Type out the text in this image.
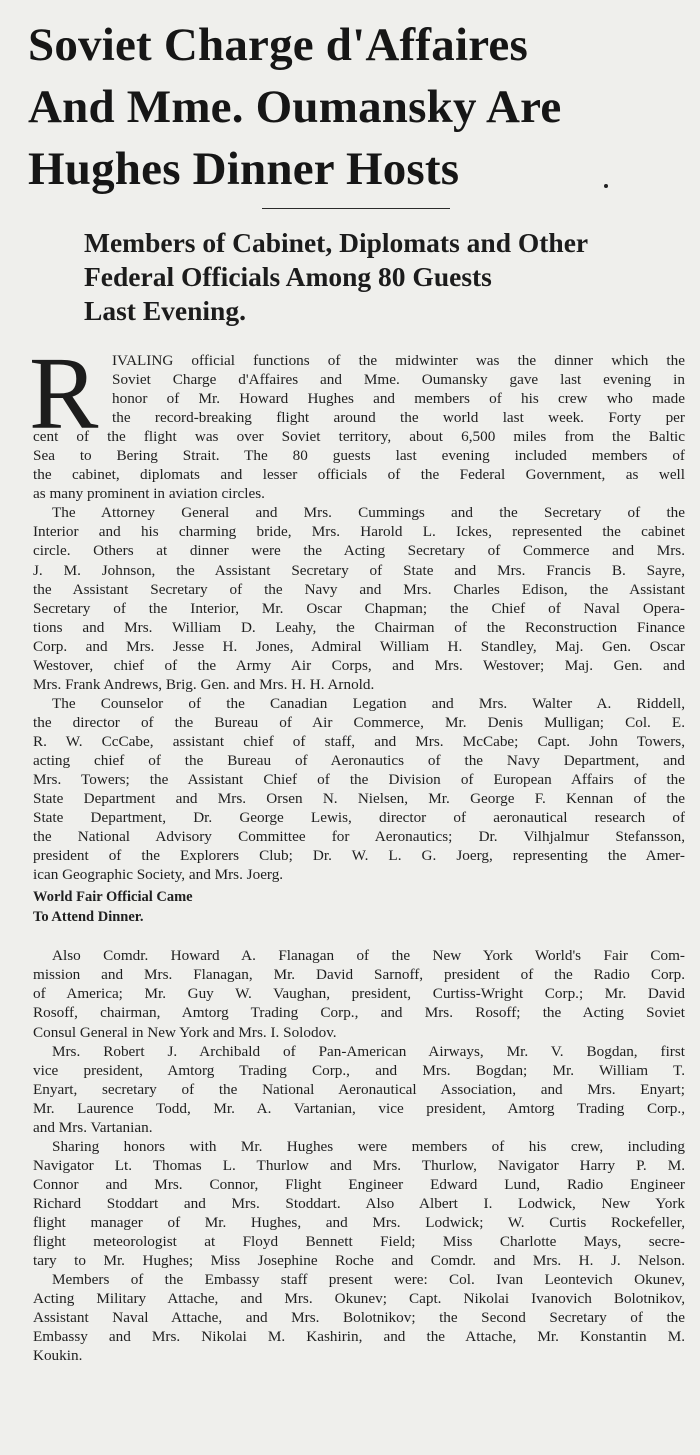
Soviet Charge d'Affaires
And Mme. Oumansky Are
Hughes Dinner Hosts
Members of Cabinet, Diplomats and Other
Federal Officials Among 80 Guests
Last Evening.
R IVALING official functions of the midwinter was the dinner which the
Soviet Charge d'Affaires and Mme. Oumansky gave last evening in
honor of Mr. Howard Hughes and members of his crew who made
the record-breaking flight around the world last week. Forty per
cent of the flight was over Soviet territory, about 6,500 miles from the Baltic
Sea to Bering Strait. The 80 guests last evening included members of
the cabinet, diplomats and lesser officials of the Federal Government, as well
as many prominent in aviation circles.
The Attorney General and Mrs. Cummings and the Secretary of the
Interior and his charming bride, Mrs. Harold L. Ickes, represented the cabinet
circle. Others at dinner were the Acting Secretary of Commerce and Mrs.
J. M. Johnson, the Assistant Secretary of State and Mrs. Francis B. Sayre,
the Assistant Secretary of the Navy and Mrs. Charles Edison, the Assistant
Secretary of the Interior, Mr. Oscar Chapman; the Chief of Naval Opera-
tions and Mrs. William D. Leahy, the Chairman of the Reconstruction Finance
Corp. and Mrs. Jesse H. Jones, Admiral William H. Standley, Maj. Gen. Oscar
Westover, chief of the Army Air Corps, and Mrs. Westover; Maj. Gen. and
Mrs. Frank Andrews, Brig. Gen. and Mrs. H. H. Arnold.
The Counselor of the Canadian Legation and Mrs. Walter A. Riddell,
the director of the Bureau of Air Commerce, Mr. Denis Mulligan; Col. E.
R. W. CcCabe, assistant chief of staff, and Mrs. McCabe; Capt. John Towers,
acting chief of the Bureau of Aeronautics of the Navy Department, and
Mrs. Towers; the Assistant Chief of the Division of European Affairs of the
State Department and Mrs. Orsen N. Nielsen, Mr. George F. Kennan of the
State Department, Dr. George Lewis, director of aeronautical research of
the National Advisory Committee for Aeronautics; Dr. Vilhjalmur Stefansson,
president of the Explorers Club; Dr. W. L. G. Joerg, representing the Amer-
ican Geographic Society, and Mrs. Joerg.
World Fair Official Came
To Attend Dinner.
Also Comdr. Howard A. Flanagan of the New York World's Fair Com-
mission and Mrs. Flanagan, Mr. David Sarnoff, president of the Radio Corp.
of America; Mr. Guy W. Vaughan, president, Curtiss-Wright Corp.; Mr. David
Rosoff, chairman, Amtorg Trading Corp., and Mrs. Rosoff; the Acting Soviet
Consul General in New York and Mrs. I. Solodov.
Mrs. Robert J. Archibald of Pan-American Airways, Mr. V. Bogdan, first
vice president, Amtorg Trading Corp., and Mrs. Bogdan; Mr. William T.
Enyart, secretary of the National Aeronautical Association, and Mrs. Enyart;
Mr. Laurence Todd, Mr. A. Vartanian, vice president, Amtorg Trading Corp.,
and Mrs. Vartanian.
Sharing honors with Mr. Hughes were members of his crew, including
Navigator Lt. Thomas L. Thurlow and Mrs. Thurlow, Navigator Harry P. M.
Connor and Mrs. Connor, Flight Engineer Edward Lund, Radio Engineer
Richard Stoddart and Mrs. Stoddart. Also Albert I. Lodwick, New York
flight manager of Mr. Hughes, and Mrs. Lodwick; W. Curtis Rockefeller,
flight meteorologist at Floyd Bennett Field; Miss Charlotte Mays, secre-
tary to Mr. Hughes; Miss Josephine Roche and Comdr. and Mrs. H. J. Nelson.
Members of the Embassy staff present were: Col. Ivan Leontevich Okunev,
Acting Military Attache, and Mrs. Okunev; Capt. Nikolai Ivanovich Bolotnikov,
Assistant Naval Attache, and Mrs. Bolotnikov; the Second Secretary of the
Embassy and Mrs. Nikolai M. Kashirin, and the Attache, Mr. Konstantin M.
Koukin.
